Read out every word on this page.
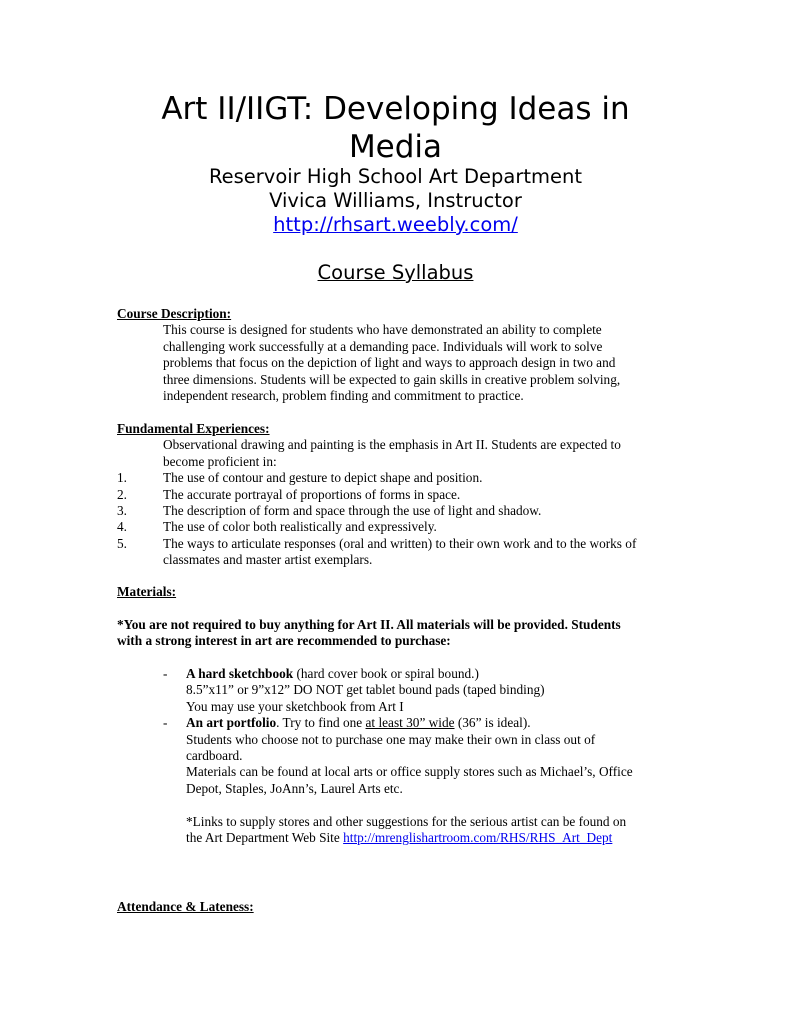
Art II/IIGT: Developing Ideas in
Media
Reservoir High School Art Department
Vivica Williams, Instructor
http://rhsart.weebly.com/
Course Syllabus
Course Description:
This course is designed for students who have demonstrated an ability to complete
challenging work successfully at a demanding pace. Individuals will work to solve
problems that focus on the depiction of light and ways to approach design in two and
three dimensions. Students will be expected to gain skills in creative problem solving,
independent research, problem finding and commitment to practice.
Fundamental Experiences:
Observational drawing and painting is the emphasis in Art II. Students are expected to
become proficient in:
1.	The use of contour and gesture to depict shape and position.
2.	The accurate portrayal of proportions of forms in space.
3.	The description of form and space through the use of light and shadow.
4.	The use of color both realistically and expressively.
5.	The ways to articulate responses (oral and written) to their own work and to the works of
classmates and master artist exemplars.
Materials:
*You are not required to buy anything for Art II. All materials will be provided. Students
with a strong interest in art are recommended to purchase:
-	A hard sketchbook (hard cover book or spiral bound.)
8.5”x11” or 9”x12” DO NOT get tablet bound pads (taped binding)
You may use your sketchbook from Art I
-	An art portfolio. Try to find one at least 30” wide (36” is ideal).
Students who choose not to purchase one may make their own in class out of
cardboard.
Materials can be found at local arts or office supply stores such as Michael’s, Office
Depot, Staples, JoAnn’s, Laurel Arts etc.
*Links to supply stores and other suggestions for the serious artist can be found on
the Art Department Web Site http://mrenglishartroom.com/RHS/RHS_Art_Dept
Attendance & Lateness:
